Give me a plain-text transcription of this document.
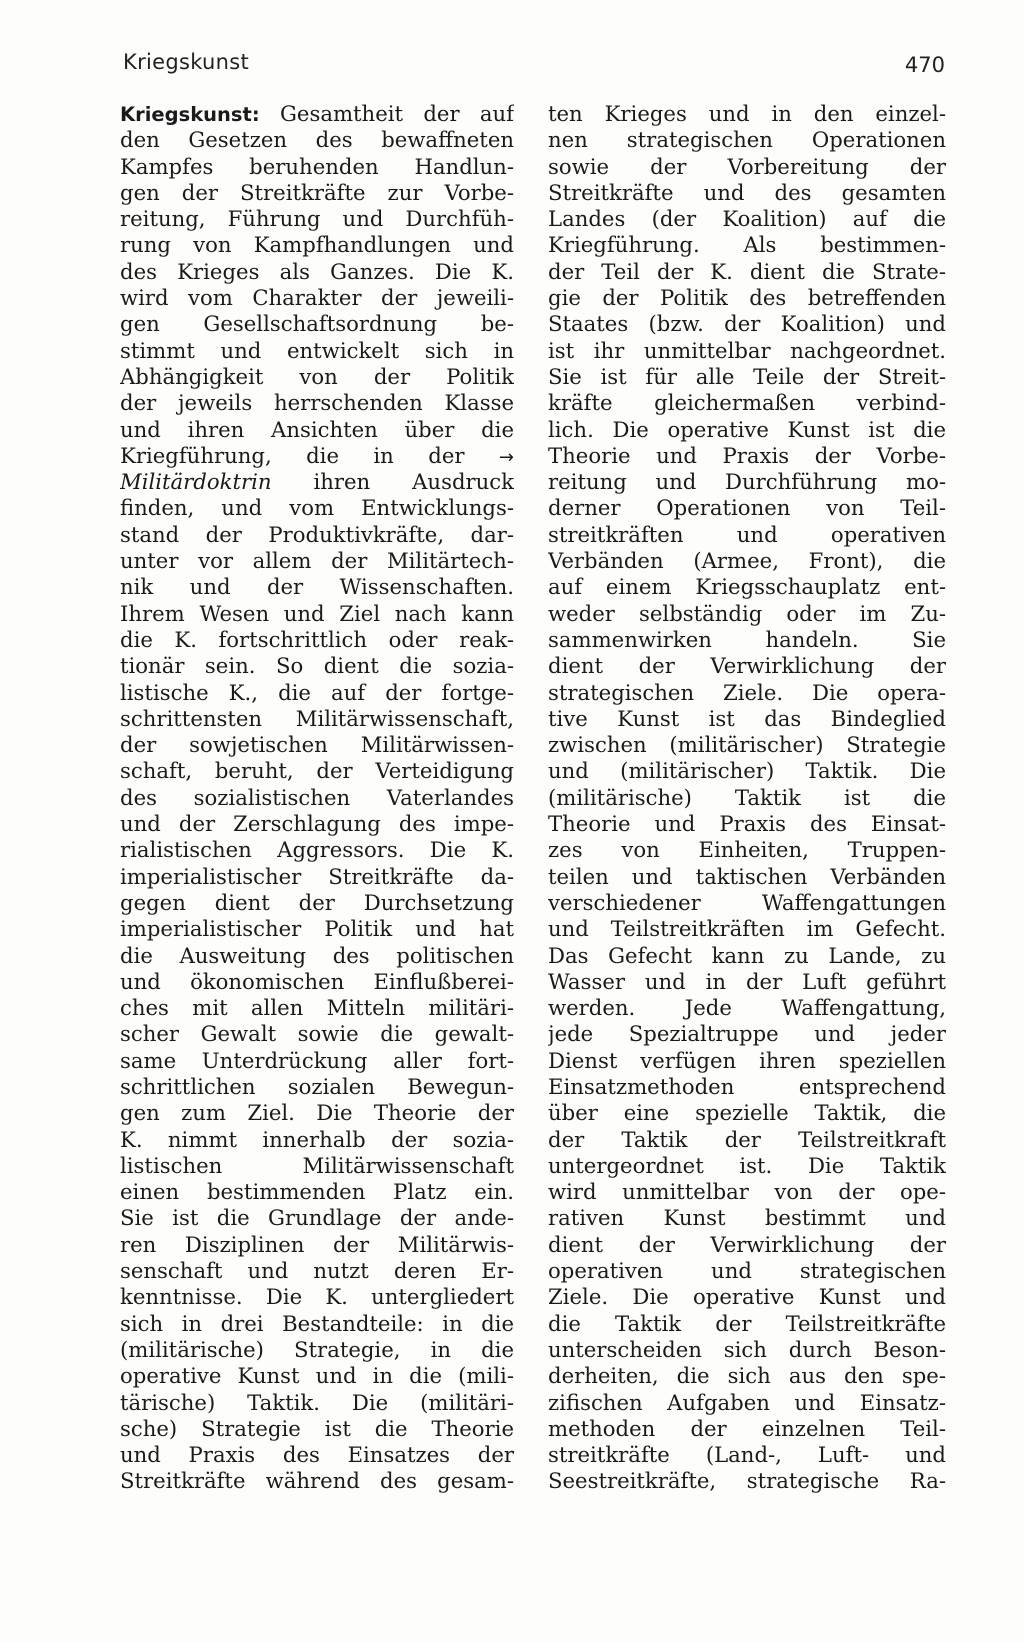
Kriegskunst	470
Kriegskunst: Gesamtheit der auf
den Gesetzen des bewaffneten
Kampfes beruhenden Handlun-
gen der Streitkräfte zur Vorbe-
reitung, Führung und Durchfüh-
rung von Kampfhandlungen und
des Krieges als Ganzes. Die K.
wird vom Charakter der jeweili-
gen Gesellschaftsordnung be-
stimmt und entwickelt sich in
Abhängigkeit von der Politik
der jeweils herrschenden Klasse
und ihren Ansichten über die
Kriegführung, die in der →
Militärdoktrin ihren Ausdruck
finden, und vom Entwicklungs-
stand der Produktivkräfte, dar-
unter vor allem der Militärtech-
nik und der Wissenschaften.
Ihrem Wesen und Ziel nach kann
die K. fortschrittlich oder reak-
tionär sein. So dient die sozia-
listische K., die auf der fortge-
schrittensten Militärwissenschaft,
der sowjetischen Militärwissen-
schaft, beruht, der Verteidigung
des sozialistischen Vaterlandes
und der Zerschlagung des impe-
rialistischen Aggressors. Die K.
imperialistischer Streitkräfte da-
gegen dient der Durchsetzung
imperialistischer Politik und hat
die Ausweitung des politischen
und ökonomischen Einflußberei-
ches mit allen Mitteln militäri-
scher Gewalt sowie die gewalt-
same Unterdrückung aller fort-
schrittlichen sozialen Bewegun-
gen zum Ziel. Die Theorie der
K. nimmt innerhalb der sozia-
listischen Militärwissenschaft
einen bestimmenden Platz ein.
Sie ist die Grundlage der ande-
ren Disziplinen der Militärwis-
senschaft und nutzt deren Er-
kenntnisse. Die K. untergliedert
sich in drei Bestandteile: in die
(militärische) Strategie, in die
operative Kunst und in die (mili-
tärische) Taktik. Die (militäri-
sche) Strategie ist die Theorie
und Praxis des Einsatzes der
Streitkräfte während des gesam-
ten Krieges und in den einzel-
nen strategischen Operationen
sowie der Vorbereitung der
Streitkräfte und des gesamten
Landes (der Koalition) auf die
Kriegführung. Als bestimmen-
der Teil der K. dient die Strate-
gie der Politik des betreffenden
Staates (bzw. der Koalition) und
ist ihr unmittelbar nachgeordnet.
Sie ist für alle Teile der Streit-
kräfte gleichermaßen verbind-
lich. Die operative Kunst ist die
Theorie und Praxis der Vorbe-
reitung und Durchführung mo-
derner Operationen von Teil-
streitkräften und operativen
Verbänden (Armee, Front), die
auf einem Kriegsschauplatz ent-
weder selbständig oder im Zu-
sammenwirken handeln. Sie
dient der Verwirklichung der
strategischen Ziele. Die opera-
tive Kunst ist das Bindeglied
zwischen (militärischer) Strategie
und (militärischer) Taktik. Die
(militärische) Taktik ist die
Theorie und Praxis des Einsat-
zes von Einheiten, Truppen-
teilen und taktischen Verbänden
verschiedener Waffengattungen
und Teilstreitkräften im Gefecht.
Das Gefecht kann zu Lande, zu
Wasser und in der Luft geführt
werden. Jede Waffengattung,
jede Spezialtruppe und jeder
Dienst verfügen ihren speziellen
Einsatzmethoden entsprechend
über eine spezielle Taktik, die
der Taktik der Teilstreitkraft
untergeordnet ist. Die Taktik
wird unmittelbar von der ope-
rativen Kunst bestimmt und
dient der Verwirklichung der
operativen und strategischen
Ziele. Die operative Kunst und
die Taktik der Teilstreitkräfte
unterscheiden sich durch Beson-
derheiten, die sich aus den spe-
zifischen Aufgaben und Einsatz-
methoden der einzelnen Teil-
streitkräfte (Land-, Luft- und
Seestreitkräfte, strategische Ra-
